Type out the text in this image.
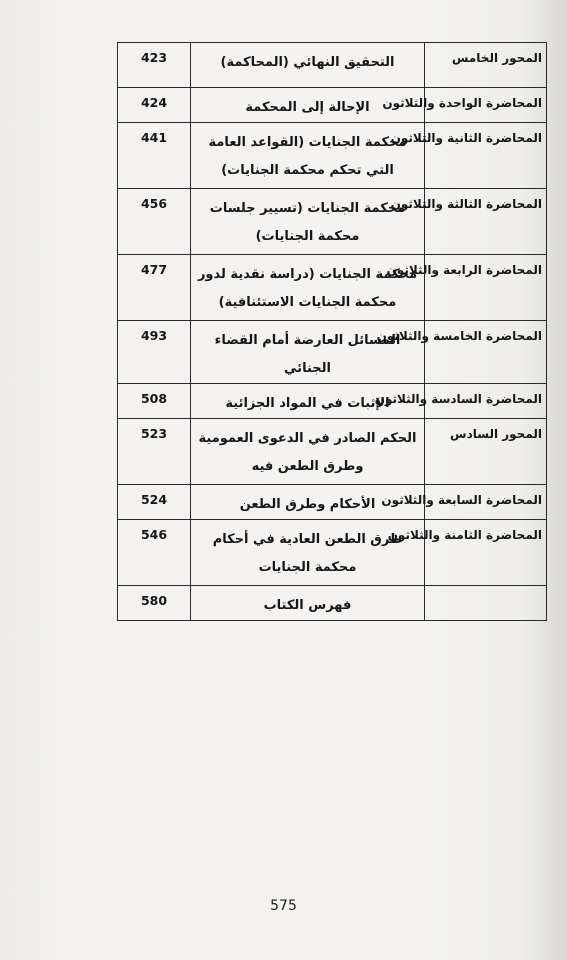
المحور الخامس	التحقيق النهائي (المحاكمة)	423
المحاضرة الواحدة والثلاثون	الإحالة إلى المحكمة	424
المحاضرة الثانية والثلاثون	محكمة الجنايات (القواعد العامة التي تحكم محكمة الجنايات)	441
المحاضرة الثالثة والثلاثون	محكمة الجنايات (تسيير جلسات محكمة الجنايات)	456
المحاضرة الرابعة والثلاثون	محكمة الجنايات (دراسة نقدية لدور محكمة الجنايات الاستئنافية)	477
المحاضرة الخامسة والثلاثون	المسائل العارضة أمام القضاء الجنائي	493
المحاضرة السادسة والثلاثون	الإثبات في المواد الجزائية	508
المحور السادس	الحكم الصادر في الدعوى العمومية وطرق الطعن فيه	523
المحاضرة السابعة والثلاثون	الأحكام وطرق الطعن	524
المحاضرة الثامنة والثلاثون	طرق الطعن العادية في أحكام محكمة الجنايات	546
	فهرس الكتاب	580
575
